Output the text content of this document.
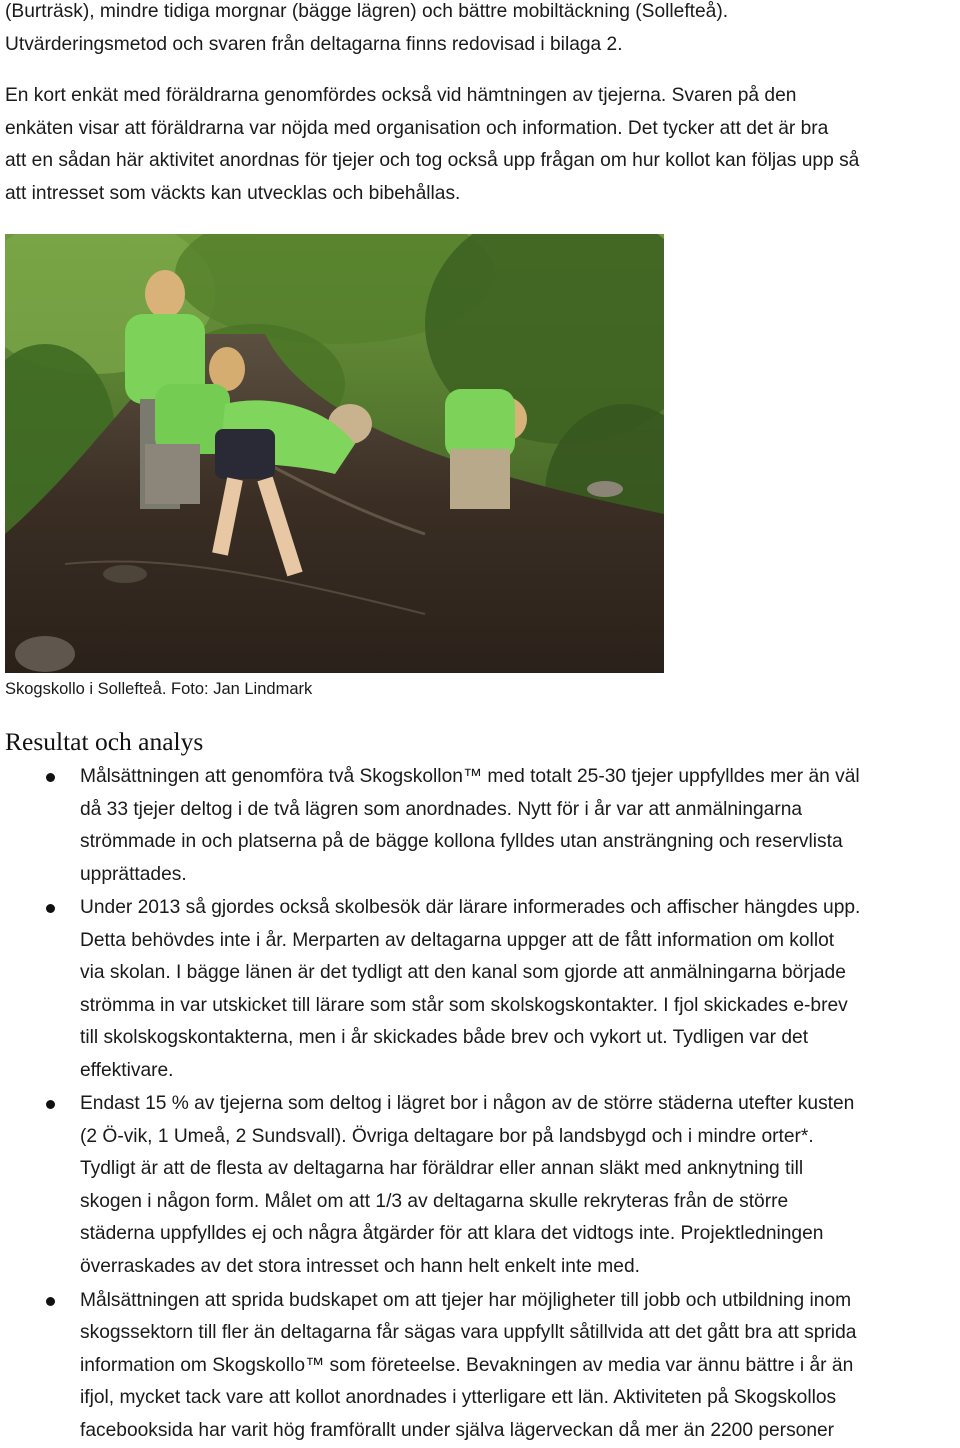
(Burträsk), mindre tidiga morgnar (bägge lägren) och bättre mobiltäckning (Sollefteå).
Utvärderingsmetod och svaren från deltagarna finns redovisad i bilaga 2.
En kort enkät med föräldrarna genomfördes också vid hämtningen av tjejerna. Svaren på den
enkäten visar att föräldrarna var nöjda med organisation och information. Det tycker att det är bra
att en sådan här aktivitet anordnas för tjejer och tog också upp frågan om hur kollot kan följas upp så
att intresset som väckts kan utvecklas och bibehållas.

Skogskollo i Sollefteå. Foto: Jan Lindmark

Resultat och analys
Målsättningen att genomföra två Skogskollon™ med totalt 25-30 tjejer uppfylldes mer än väl
då 33 tjejer deltog i de två lägren som anordnades. Nytt för i år var att anmälningarna
strömmade in och platserna på de bägge kollona fylldes utan ansträngning och reservlista
upprättades.
Under 2013 så gjordes också skolbesök där lärare informerades och affischer hängdes upp.
Detta behövdes inte i år. Merparten av deltagarna uppger att de fått information om kollot
via skolan. I bägge länen är det tydligt att den kanal som gjorde att anmälningarna började
strömma in var utskicket till lärare som står som skolskogskontakter. I fjol skickades e-brev
till skolskogskontakterna, men i år skickades både brev och vykort ut. Tydligen var det
effektivare.
Endast 15 % av tjejerna som deltog i lägret bor i någon av de större städerna utefter kusten
(2 Ö-vik, 1 Umeå, 2 Sundsvall). Övriga deltagare bor på landsbygd och i mindre orter*.
Tydligt är att de flesta av deltagarna har föräldrar eller annan släkt med anknytning till
skogen i någon form. Målet om att 1/3 av deltagarna skulle rekryteras från de större
städerna uppfylldes ej och några åtgärder för att klara det vidtogs inte. Projektledningen
överraskades av det stora intresset och hann helt enkelt inte med.
Målsättningen att sprida budskapet om att tjejer har möjligheter till jobb och utbildning inom
skogssektorn till fler än deltagarna får sägas vara uppfyllt såtillvida att det gått bra att sprida
information om Skogskollo™ som företeelse. Bevakningen av media var ännu bättre i år än
ifjol, mycket tack vare att kollot anordnades i ytterligare ett län. Aktiviteten på Skogskollos
facebooksida har varit hög framförallt under själva lägerveckan då mer än 2200 personer
